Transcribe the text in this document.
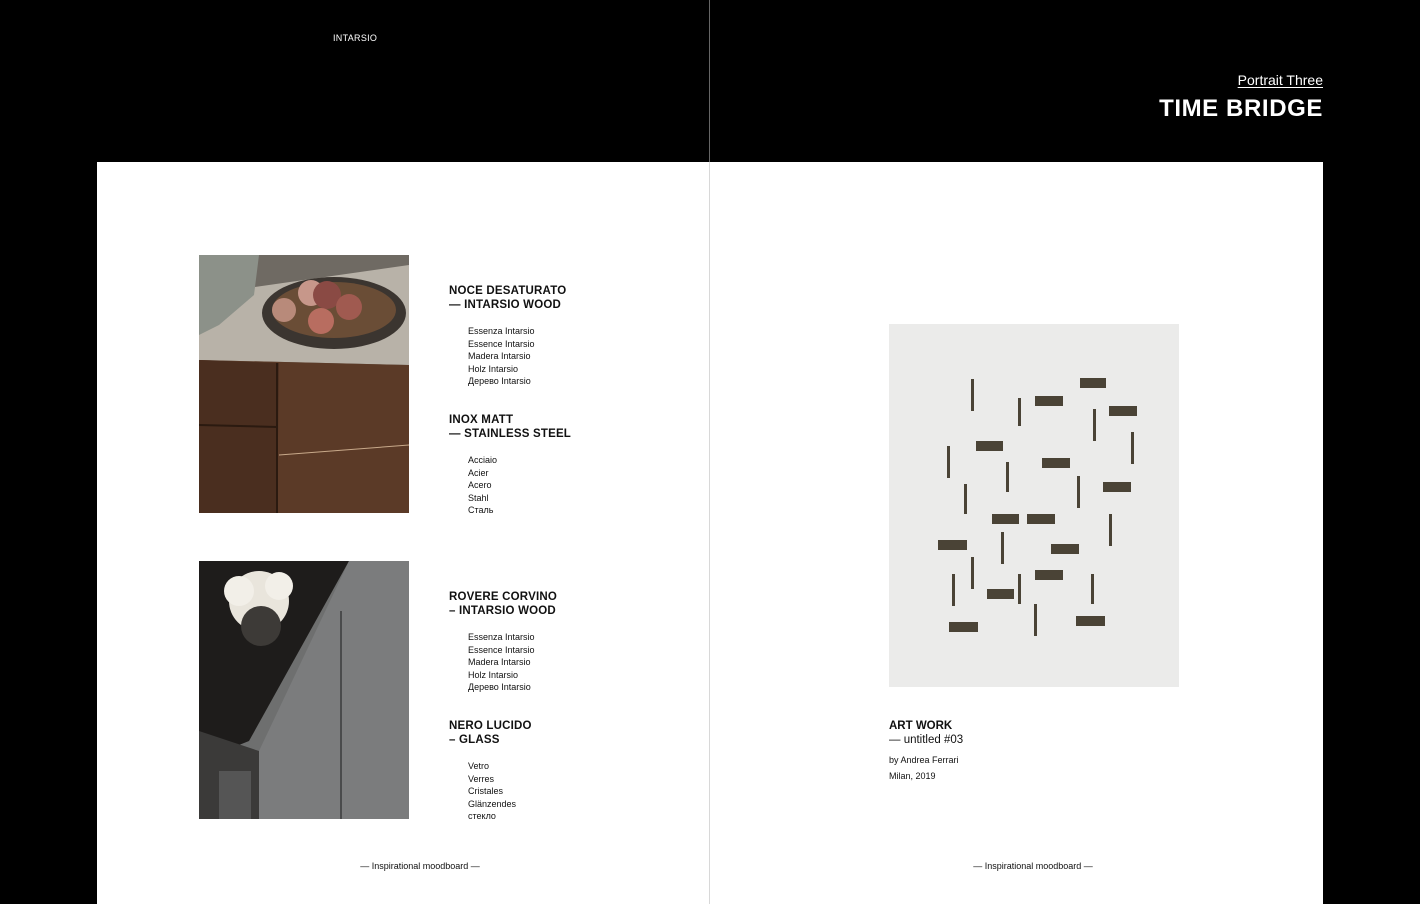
INTARSIO
Portrait Three
TIME BRIDGE
NOCE DESATURATO
— INTARSIO WOOD
Essenza Intarsio
Essence Intarsio
Madera Intarsio
Holz Intarsio
Дерево Intarsio
INOX MATT
— STAINLESS STEEL
Acciaio
Acier
Acero
Stahl
Сталь
ROVERE CORVINO
– INTARSIO WOOD
Essenza Intarsio
Essence Intarsio
Madera Intarsio
Holz Intarsio
Дерево Intarsio
NERO LUCIDO
– GLASS
Vetro
Verres
Cristales
Glänzendes
стекло
— Inspirational moodboard —
ART WORK
— untitled #03
by Andrea Ferrari
Milan, 2019
— Inspirational moodboard —
